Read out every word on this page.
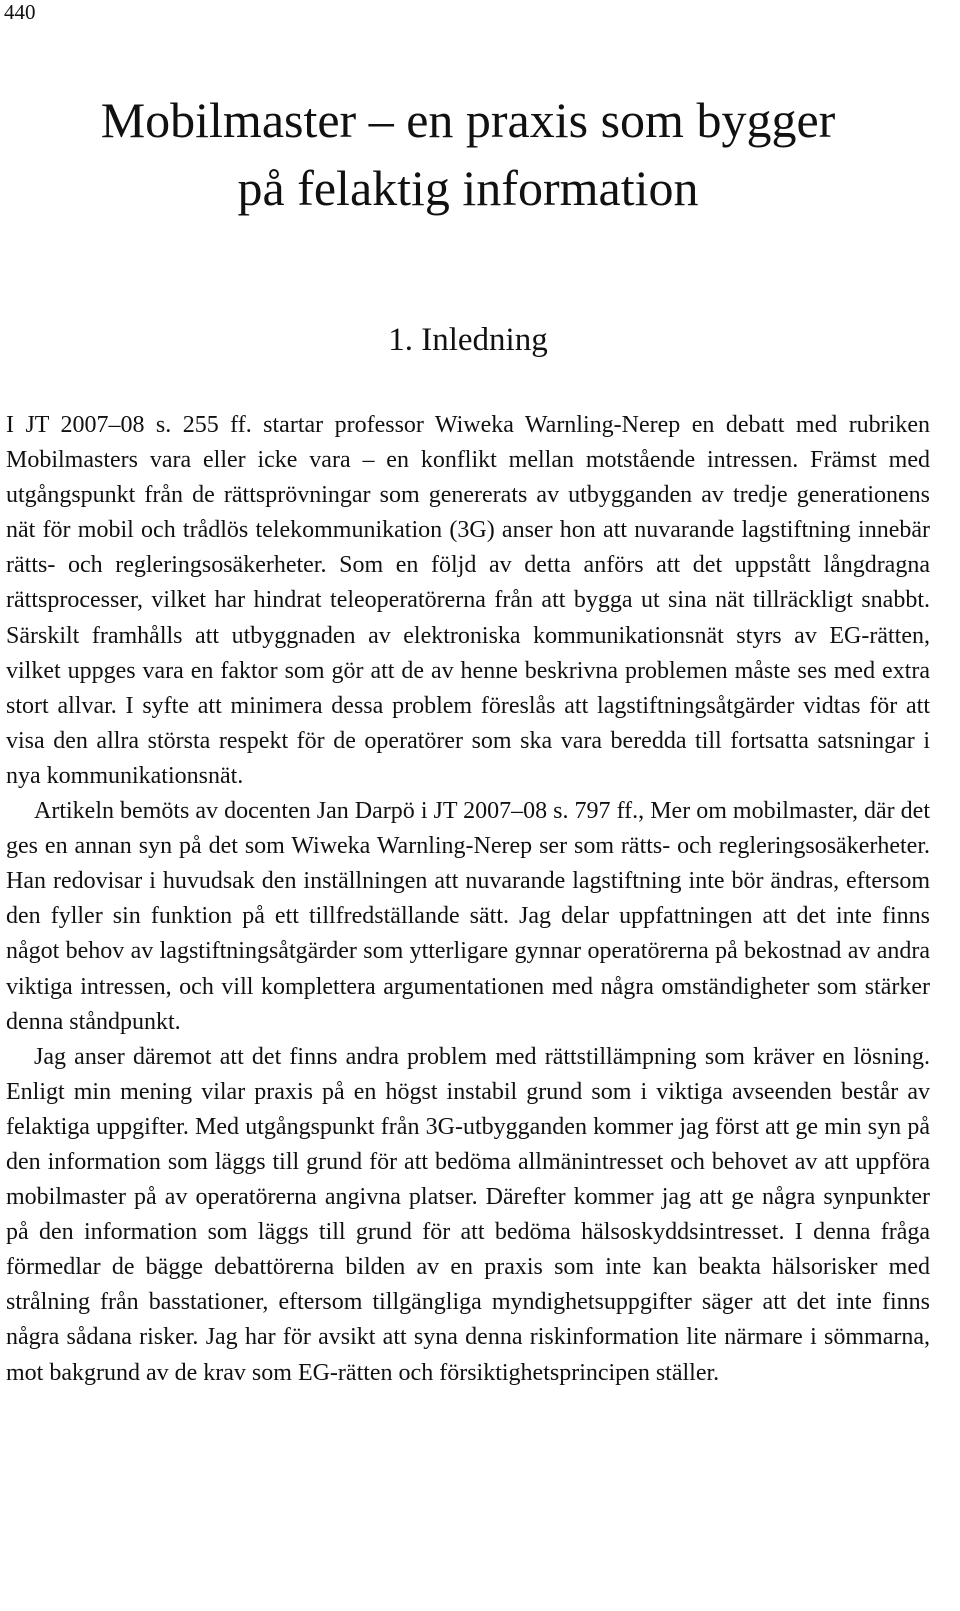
440
Mobilmaster – en praxis som bygger
på felaktig information
1. Inledning

I JT 2007–08 s. 255 ff. startar professor Wiweka Warnling-Nerep en debatt med rubriken Mobilmasters vara eller icke vara – en konflikt mellan motstående intressen. Främst med utgångspunkt från de rättsprövningar som genererats av utbygganden av tredje generationens nät för mobil och trådlös telekommunikation (3G) anser hon att nuvarande lagstiftning innebär rätts- och regleringsosäkerheter. Som en följd av detta anförs att det uppstått långdragna rättsprocesser, vilket har hindrat teleoperatörerna från att bygga ut sina nät tillräckligt snabbt. Särskilt framhålls att utbyggnaden av elektroniska kommunikationsnät styrs av EG-rätten, vilket uppges vara en faktor som gör att de av henne beskrivna problemen måste ses med extra stort allvar. I syfte att minimera dessa problem föreslås att lagstiftningsåtgärder vidtas för att visa den allra största respekt för de operatörer som ska vara beredda till fortsatta satsningar i nya kommunikationsnät.

Artikeln bemöts av docenten Jan Darpö i JT 2007–08 s. 797 ff., Mer om mobilmaster, där det ges en annan syn på det som Wiweka Warnling-Nerep ser som rätts- och regleringsosäkerheter. Han redovisar i huvudsak den inställningen att nuvarande lagstiftning inte bör ändras, eftersom den fyller sin funktion på ett tillfredställande sätt. Jag delar uppfattningen att det inte finns något behov av lagstiftningsåtgärder som ytterligare gynnar operatörerna på bekostnad av andra viktiga intressen, och vill komplettera argumentationen med några omständigheter som stärker denna ståndpunkt.

Jag anser däremot att det finns andra problem med rättstillämpning som kräver en lösning. Enligt min mening vilar praxis på en högst instabil grund som i viktiga avseenden består av felaktiga uppgifter. Med utgångspunkt från 3G-utbygganden kommer jag först att ge min syn på den information som läggs till grund för att bedöma allmänintresset och behovet av att uppföra mobilmaster på av operatörerna angivna platser. Därefter kommer jag att ge några synpunkter på den information som läggs till grund för att bedöma hälsoskyddsintresset. I denna fråga förmedlar de bägge debattörerna bilden av en praxis som inte kan beakta hälsorisker med strålning från basstationer, eftersom tillgängliga myndighetsuppgifter säger att det inte finns några sådana risker. Jag har för avsikt att syna denna riskinformation lite närmare i sömmarna, mot bakgrund av de krav som EG-rätten och försiktighetsprincipen ställer.
